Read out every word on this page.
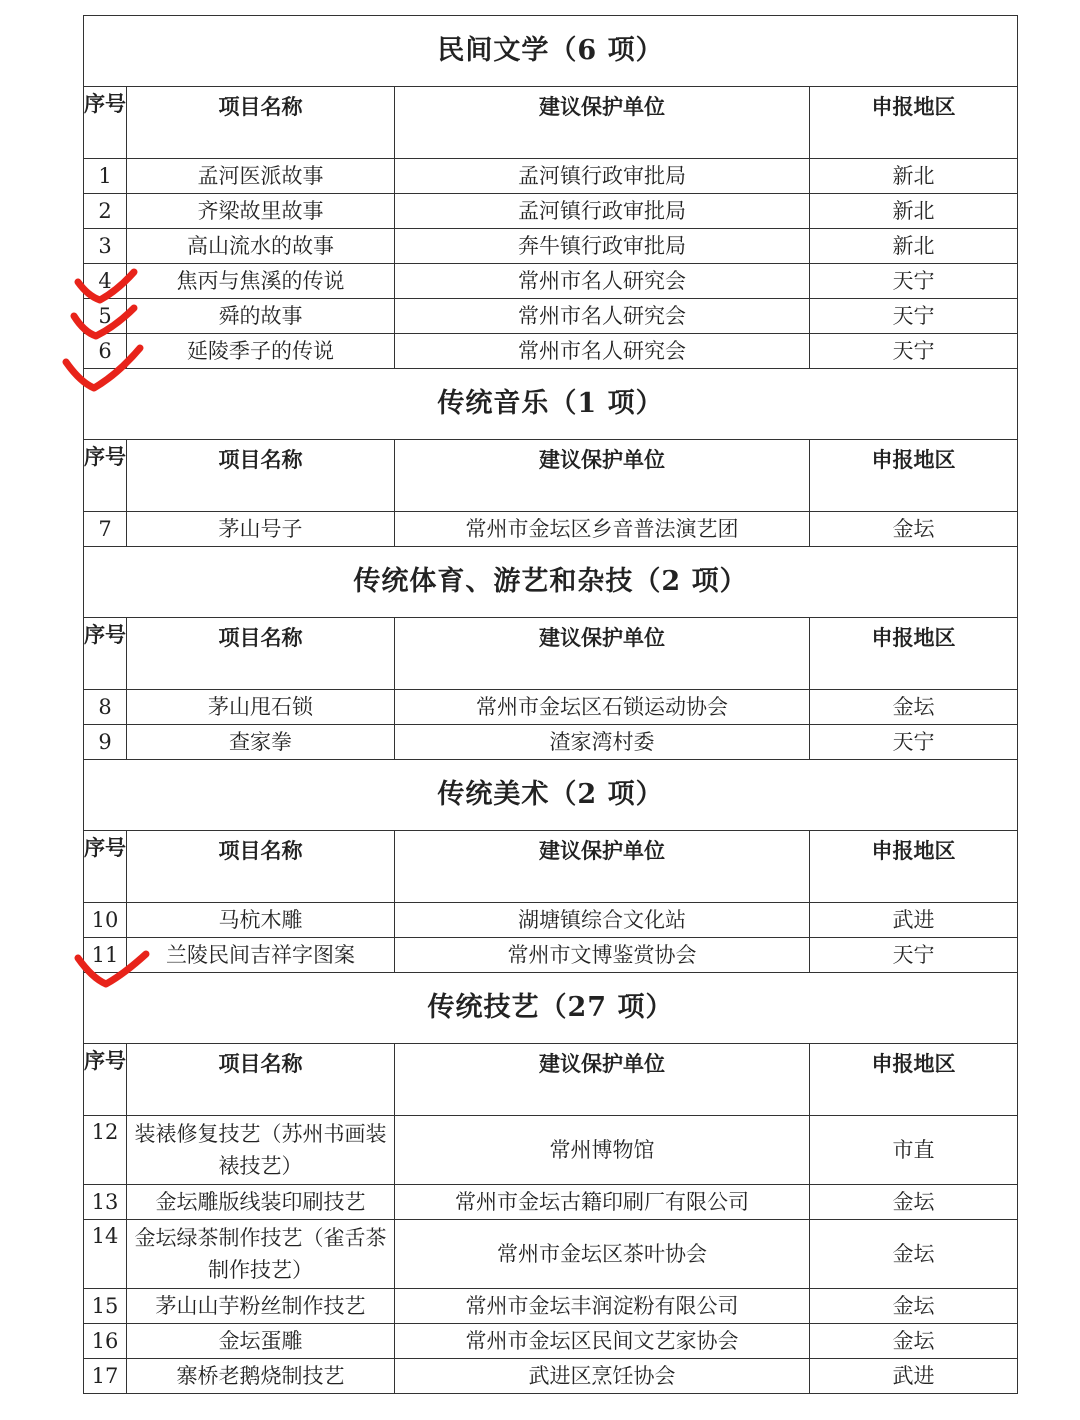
民间文学（6 项）			
序号	项目名称	建议保护单位	申报地区
1	孟河医派故事	孟河镇行政审批局	新北
2	齐梁故里故事	孟河镇行政审批局	新北
3	高山流水的故事	奔牛镇行政审批局	新北
4	焦丙与焦溪的传说	常州市名人研究会	天宁
5	舜的故事	常州市名人研究会	天宁
6	延陵季子的传说	常州市名人研究会	天宁
传统音乐（1 项）			
序号	项目名称	建议保护单位	申报地区
7	茅山号子	常州市金坛区乡音普法演艺团	金坛
传统体育、游艺和杂技（2 项）			
序号	项目名称	建议保护单位	申报地区
8	茅山甩石锁	常州市金坛区石锁运动协会	金坛
9	查家拳	渣家湾村委	天宁
传统美术（2 项）			
序号	项目名称	建议保护单位	申报地区
10	马杭木雕	湖塘镇综合文化站	武进
11	兰陵民间吉祥字图案	常州市文博鉴赏协会	天宁
传统技艺（27 项）			
序号	项目名称	建议保护单位	申报地区
12	装裱修复技艺（苏州书画装裱技艺）	常州博物馆	市直
13	金坛雕版线装印刷技艺	常州市金坛古籍印刷厂有限公司	金坛
14	金坛绿茶制作技艺（雀舌茶制作技艺）	常州市金坛区茶叶协会	金坛
15	茅山山芋粉丝制作技艺	常州市金坛丰润淀粉有限公司	金坛
16	金坛蛋雕	常州市金坛区民间文艺家协会	金坛
17	寨桥老鹅烧制技艺	武进区烹饪协会	武进
